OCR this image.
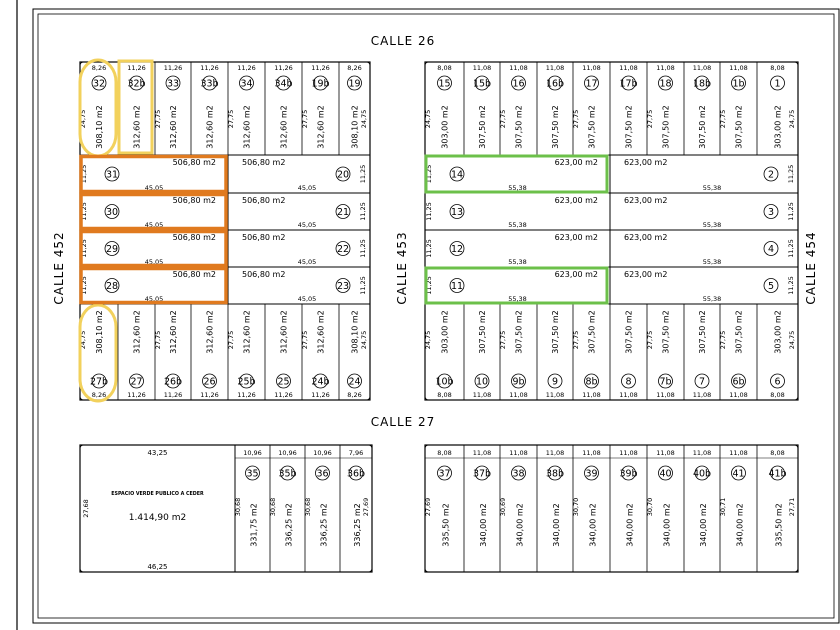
CALLE 26
CALLE 27
CALLE 452	CALLE 453	CALLE 454
8,26
32
308,10 m2
24,75
11,26
32b
312,60 m2
11,26
33
312,60 m2
27,75
11,26
33b
312,60 m2
11,26
34
312,60 m2
27,75
11,26
34b
312,60 m2
11,26
19b
312,60 m2
27,75
8,26
19
308,10 m2 24,75
8,26
27b
308,10 m2
24,75
11,26
27
312,60 m2
11,26
26b
312,60 m2
27,75
11,26
26
312,60 m2
11,26
25b
312,60 m2
27,75
11,26
25
312,60 m2
11,26
24b
312,60 m2
27,75
8,26
24
308,10 m2 24,75
11,25 31
506,80 m2
45,05
506,80 m2
45,05
20 11,25
11,25 30
506,80 m2
45,05
506,80 m2
45,05
21 11,25
11,25 29
506,80 m2
45,05
506,80 m2
45,05
22 11,25
11,25 28
506,80 m2
45,05
506,80 m2
45,05
23 11,25
8,08
15
303,00 m2
24,75
11,08
15b
307,50 m2
11,08
16
307,50 m2
27,75
11,08
16b
307,50 m2
11,08
17
307,50 m2
27,75
11,08
17b
307,50 m2
11,08
18
307,50 m2
27,75
11,08
18b
307,50 m2
11,08
1b
307,50 m2
27,75
8,08
1
303,00 m2 24,75
8,08
10b
303,00 m2
24,75
11,08
10
307,50 m2
11,08
9b
307,50 m2
27,75
11,08
9
307,50 m2
11,08
8b
307,50 m2
27,75
11,08
8
307,50 m2
11,08
7b
307,50 m2
27,75
11,08
7
307,50 m2
11,08
6b
307,50 m2
27,75
8,08
6
303,00 m2 24,75
11,25 14
623,00 m2
55,38
623,00 m2
55,38
2 11,25
11,25 13
623,00 m2
55,38
623,00 m2
55,38
3 11,25
11,25 12
623,00 m2
55,38
623,00 m2
55,38
4 11,25
11,25 11
623,00 m2
55,38
623,00 m2
55,38
5 11,25
43,25
46,25
27,68
ESPACIO VERDE PUBLICO A CEDER
1.414,90 m2
10,96
35
331,75 m2
30,68
10,96
35b
336,25 m2
30,68
10,96
36
336,25 m2
30,68
7,96
36b
336,25 m2 27,69
8,08
37
335,50 m2
27,69
11,08
37b
340,00 m2
11,08
38
340,00 m2
30,69
11,08
38b
340,00 m2
11,08
39
340,00 m2
30,70
11,08
39b
340,00 m2
11,08
40
340,00 m2
30,70
11,08
40b
340,00 m2
11,08
41
340,00 m2
30,71
8,08
41b
335,50 m2 27,71
